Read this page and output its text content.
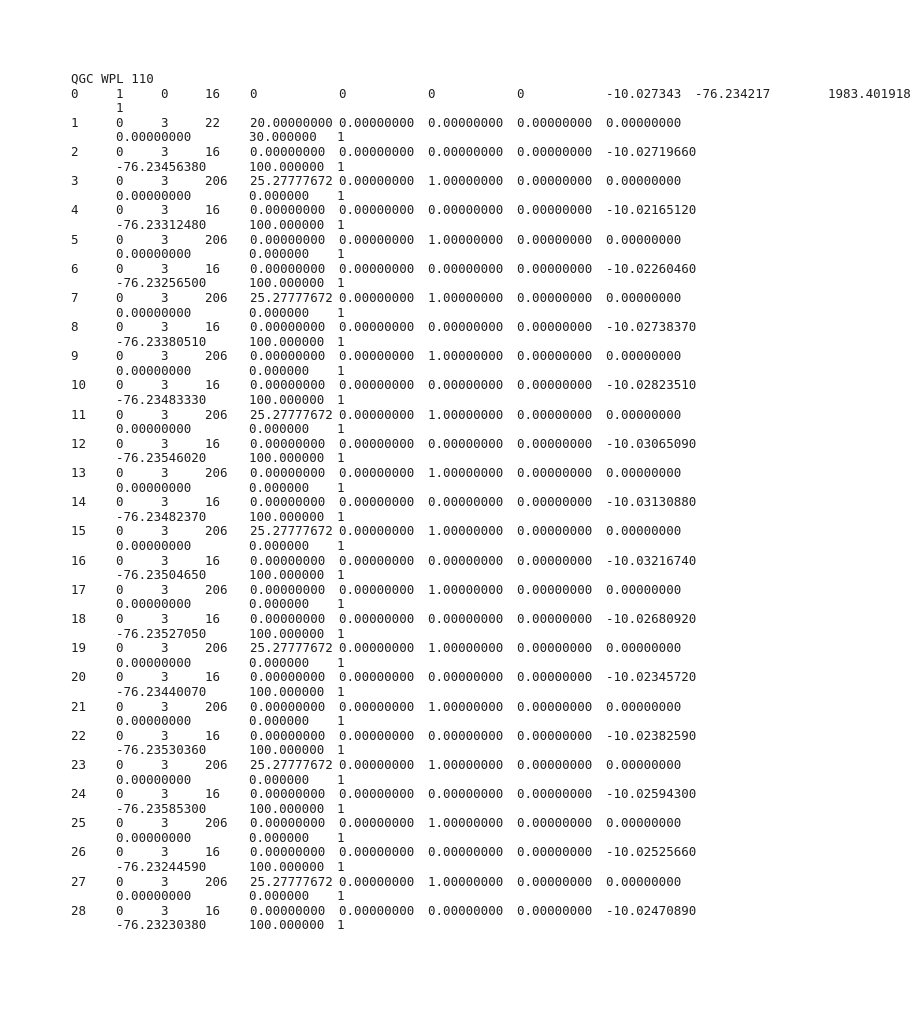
QGC WPL 110
0	1	0	16	0	0	0	0	-10.027343	-76.234217	1983.401918
1
1	0	3	22	20.00000000 0.00000000	0.00000000	0.00000000	0.00000000
0.00000000	30.000000	1
2	0	3	16	0.00000000	0.00000000	0.00000000	0.00000000	-10.02719660
-76.23456380	100.000000	1
3	0	3	206	25.27777672 0.00000000	1.00000000	0.00000000	0.00000000
0.00000000	0.000000	1
4	0	3	16	0.00000000	0.00000000	0.00000000	0.00000000	-10.02165120
-76.23312480	100.000000	1
5	0	3	206	0.00000000	0.00000000	1.00000000	0.00000000	0.00000000
0.00000000	0.000000	1
6	0	3	16	0.00000000	0.00000000	0.00000000	0.00000000	-10.02260460
-76.23256500	100.000000	1
7	0	3	206	25.27777672 0.00000000	1.00000000	0.00000000	0.00000000
0.00000000	0.000000	1
8	0	3	16	0.00000000	0.00000000	0.00000000	0.00000000	-10.02738370
-76.23380510	100.000000	1
9	0	3	206	0.00000000	0.00000000	1.00000000	0.00000000	0.00000000
0.00000000	0.000000	1
10	0	3	16	0.00000000	0.00000000	0.00000000	0.00000000	-10.02823510
-76.23483330	100.000000	1
11	0	3	206	25.27777672 0.00000000	1.00000000	0.00000000	0.00000000
0.00000000	0.000000	1
12	0	3	16	0.00000000	0.00000000	0.00000000	0.00000000	-10.03065090
-76.23546020	100.000000	1
13	0	3	206	0.00000000	0.00000000	1.00000000	0.00000000	0.00000000
0.00000000	0.000000	1
14	0	3	16	0.00000000	0.00000000	0.00000000	0.00000000	-10.03130880
-76.23482370	100.000000	1
15	0	3	206	25.27777672 0.00000000	1.00000000	0.00000000	0.00000000
0.00000000	0.000000	1
16	0	3	16	0.00000000	0.00000000	0.00000000	0.00000000	-10.03216740
-76.23504650	100.000000	1
17	0	3	206	0.00000000	0.00000000	1.00000000	0.00000000	0.00000000
0.00000000	0.000000	1
18	0	3	16	0.00000000	0.00000000	0.00000000	0.00000000	-10.02680920
-76.23527050	100.000000	1
19	0	3	206	25.27777672 0.00000000	1.00000000	0.00000000	0.00000000
0.00000000	0.000000	1
20	0	3	16	0.00000000	0.00000000	0.00000000	0.00000000	-10.02345720
-76.23440070	100.000000	1
21	0	3	206	0.00000000	0.00000000	1.00000000	0.00000000	0.00000000
0.00000000	0.000000	1
22	0	3	16	0.00000000	0.00000000	0.00000000	0.00000000	-10.02382590
-76.23530360	100.000000	1
23	0	3	206	25.27777672 0.00000000	1.00000000	0.00000000	0.00000000
0.00000000	0.000000	1
24	0	3	16	0.00000000	0.00000000	0.00000000	0.00000000	-10.02594300
-76.23585300	100.000000	1
25	0	3	206	0.00000000	0.00000000	1.00000000	0.00000000	0.00000000
0.00000000	0.000000	1
26	0	3	16	0.00000000	0.00000000	0.00000000	0.00000000	-10.02525660
-76.23244590	100.000000	1
27	0	3	206	25.27777672 0.00000000	1.00000000	0.00000000	0.00000000
0.00000000	0.000000	1
28	0	3	16	0.00000000	0.00000000	0.00000000	0.00000000	-10.02470890
-76.23230380	100.000000	1
